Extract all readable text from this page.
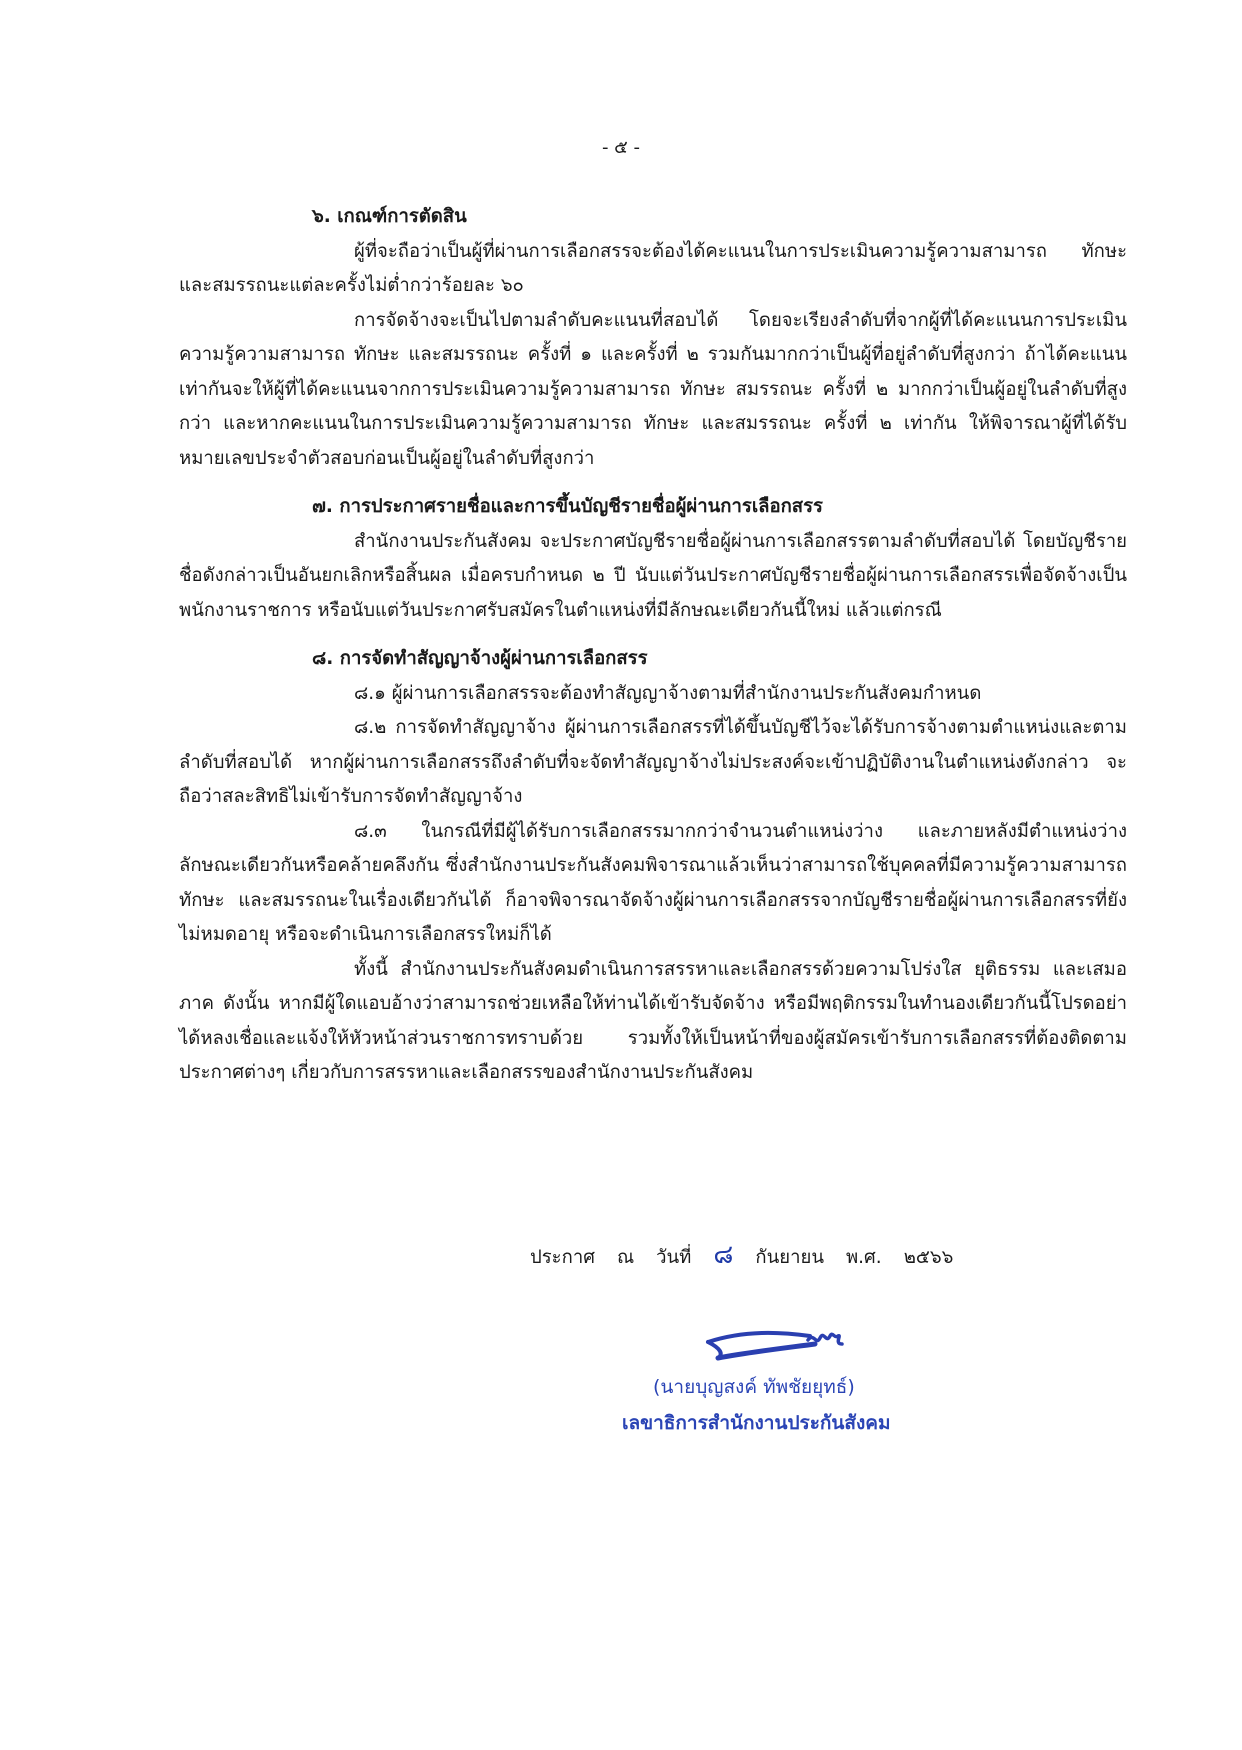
- ๕ -

๖. เกณฑ์การตัดสิน

ผู้ที่จะถือว่าเป็นผู้ที่ผ่านการเลือกสรรจะต้องได้คะแนนในการประเมินความรู้ความสามารถ ทักษะ และสมรรถนะแต่ละครั้งไม่ต่ำกว่าร้อยละ ๖๐

การจัดจ้างจะเป็นไปตามลำดับคะแนนที่สอบได้ โดยจะเรียงลำดับที่จากผู้ที่ได้คะแนนการประเมินความรู้ความสามารถ ทักษะ และสมรรถนะ ครั้งที่ ๑ และครั้งที่ ๒ รวมกันมากกว่าเป็นผู้ที่อยู่ลำดับที่สูงกว่า ถ้าได้คะแนนเท่ากันจะให้ผู้ที่ได้คะแนนจากการประเมินความรู้ความสามารถ ทักษะ สมรรถนะ ครั้งที่ ๒ มากกว่าเป็นผู้อยู่ในลำดับที่สูงกว่า และหากคะแนนในการประเมินความรู้ความสามารถ ทักษะ และสมรรถนะ ครั้งที่ ๒ เท่ากัน ให้พิจารณาผู้ที่ได้รับหมายเลขประจำตัวสอบก่อนเป็นผู้อยู่ในลำดับที่สูงกว่า

๗. การประกาศรายชื่อและการขึ้นบัญชีรายชื่อผู้ผ่านการเลือกสรร

สำนักงานประกันสังคม จะประกาศบัญชีรายชื่อผู้ผ่านการเลือกสรรตามลำดับที่สอบได้ โดยบัญชีรายชื่อดังกล่าวเป็นอันยกเลิกหรือสิ้นผล เมื่อครบกำหนด ๒ ปี นับแต่วันประกาศบัญชีรายชื่อผู้ผ่านการเลือกสรรเพื่อจัดจ้างเป็นพนักงานราชการ หรือนับแต่วันประกาศรับสมัครในตำแหน่งที่มีลักษณะเดียวกันนี้ใหม่ แล้วแต่กรณี

๘. การจัดทำสัญญาจ้างผู้ผ่านการเลือกสรร

๘.๑ ผู้ผ่านการเลือกสรรจะต้องทำสัญญาจ้างตามที่สำนักงานประกันสังคมกำหนด

๘.๒ การจัดทำสัญญาจ้าง ผู้ผ่านการเลือกสรรที่ได้ขึ้นบัญชีไว้จะได้รับการจ้างตามตำแหน่งและตามลำดับที่สอบได้ หากผู้ผ่านการเลือกสรรถึงลำดับที่จะจัดทำสัญญาจ้างไม่ประสงค์จะเข้าปฏิบัติงานในตำแหน่งดังกล่าว จะถือว่าสละสิทธิไม่เข้ารับการจัดทำสัญญาจ้าง

๘.๓ ในกรณีที่มีผู้ได้รับการเลือกสรรมากกว่าจำนวนตำแหน่งว่าง และภายหลังมีตำแหน่งว่างลักษณะเดียวกันหรือคล้ายคลึงกัน ซึ่งสำนักงานประกันสังคมพิจารณาแล้วเห็นว่าสามารถใช้บุคคลที่มีความรู้ความสามารถ ทักษะ และสมรรถนะในเรื่องเดียวกันได้ ก็อาจพิจารณาจัดจ้างผู้ผ่านการเลือกสรรจากบัญชีรายชื่อผู้ผ่านการเลือกสรรที่ยังไม่หมดอายุ หรือจะดำเนินการเลือกสรรใหม่ก็ได้

ทั้งนี้ สำนักงานประกันสังคมดำเนินการสรรหาและเลือกสรรด้วยความโปร่งใส ยุติธรรม และเสมอภาค ดังนั้น หากมีผู้ใดแอบอ้างว่าสามารถช่วยเหลือให้ท่านได้เข้ารับจัดจ้าง หรือมีพฤติกรรมในทำนองเดียวกันนี้โปรดอย่าได้หลงเชื่อและแจ้งให้หัวหน้าส่วนราชการทราบด้วย รวมทั้งให้เป็นหน้าที่ของผู้สมัครเข้ารับการเลือกสรรที่ต้องติดตามประกาศต่างๆ เกี่ยวกับการสรรหาและเลือกสรรของสำนักงานประกันสังคม

ประกาศ ณ วันที่ ๘ กันยายน พ.ศ. ๒๕๖๖
(นายบุญสงค์ ทัพชัยยุทธ์)
เลขาธิการสำนักงานประกันสังคม
